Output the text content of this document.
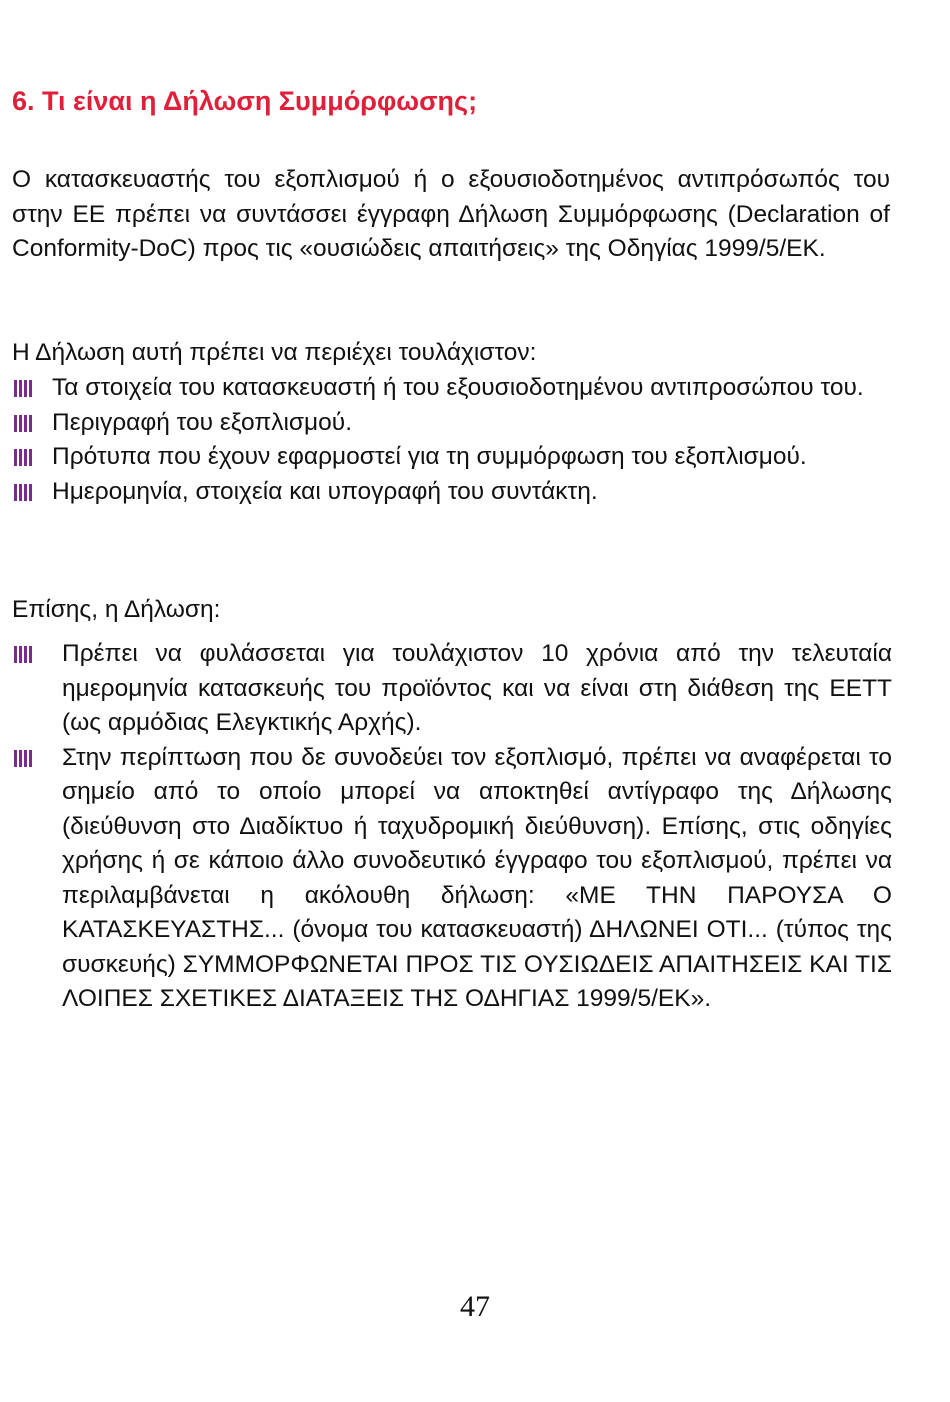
6. Τι είναι η Δήλωση Συμμόρφωσης;

Ο κατασκευαστής του εξοπλισμού ή ο εξουσιοδοτημένος αντιπρόσωπός του στην ΕΕ πρέπει να συντάσσει έγγραφη Δήλωση Συμμόρφωσης (Declaration of Conformity-DoC) προς τις «ουσιώδεις απαιτήσεις» της Οδηγίας 1999/5/ΕΚ.

Η Δήλωση αυτή πρέπει να περιέχει τουλάχιστον:

Τα στοιχεία του κατασκευαστή ή του εξουσιοδοτημένου αντιπροσώπου του.
Περιγραφή του εξοπλισμού.
Πρότυπα που έχουν εφαρμοστεί για τη συμμόρφωση του εξοπλισμού.
Ημερομηνία, στοιχεία και υπογραφή του συντάκτη.

Επίσης, η Δήλωση:

Πρέπει να φυλάσσεται για τουλάχιστον 10 χρόνια από την τελευταία ημερομηνία κατασκευής του προϊόντος και να είναι στη διάθεση της ΕΕΤΤ (ως αρμόδιας Ελεγκτικής Αρχής).
Στην περίπτωση που δε συνοδεύει τον εξοπλισμό, πρέπει να αναφέρεται το σημείο από το οποίο μπορεί να αποκτηθεί αντίγραφο της Δήλωσης (διεύθυνση στο Διαδίκτυο ή ταχυδρομική διεύθυνση). Επίσης, στις οδηγίες χρήσης ή σε κάποιο άλλο συνοδευτικό έγγραφο του εξοπλισμού, πρέπει να περιλαμβάνεται η ακόλουθη δήλωση: «ΜΕ ΤΗΝ ΠΑΡΟΥΣΑ Ο ΚΑΤΑΣΚΕΥΑΣΤΗΣ... (όνομα του κατασκευαστή) ΔΗΛΩΝΕΙ ΟΤΙ... (τύπος της συσκευής) ΣΥΜΜΟΡΦΩΝΕΤΑΙ ΠΡΟΣ ΤΙΣ ΟΥΣΙΩΔΕΙΣ ΑΠΑΙΤΗΣΕΙΣ ΚΑΙ ΤΙΣ ΛΟΙΠΕΣ ΣΧΕΤΙΚΕΣ ΔΙΑΤΑΞΕΙΣ ΤΗΣ ΟΔΗΓΙΑΣ 1999/5/ΕΚ».
47
